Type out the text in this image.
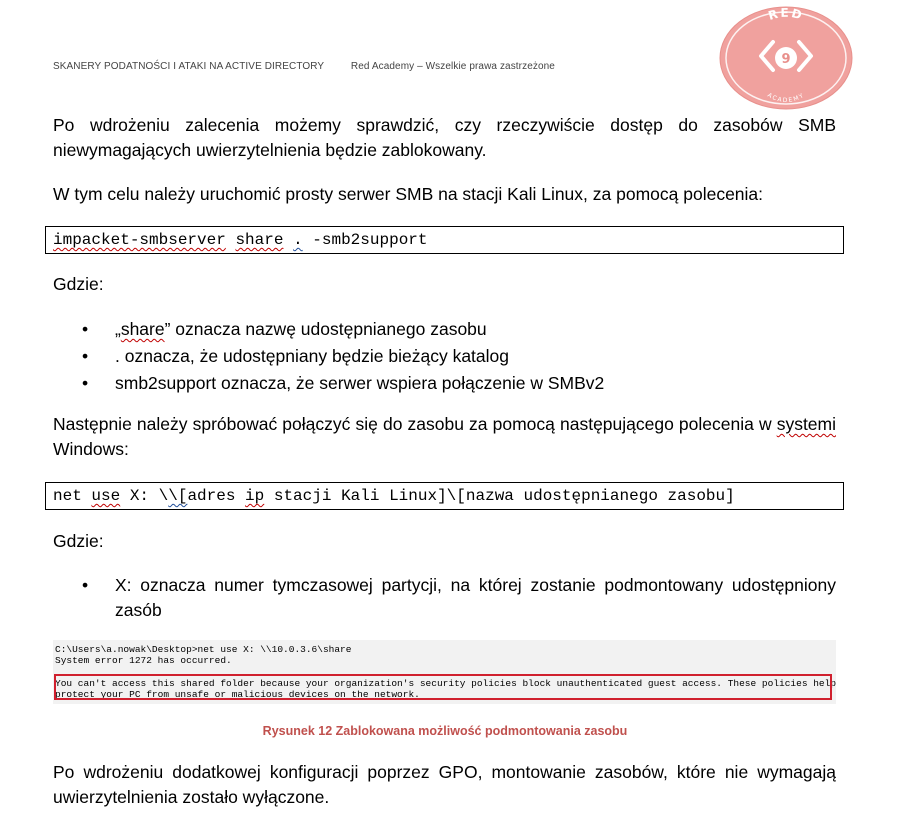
SKANERY PODATNOŚCI I ATAKI NA ACTIVE DIRECTORY	Red Academy – Wszelkie prawa zastrzeżone
RED
ACADEMY
9

Po wdrożeniu zalecenia możemy sprawdzić, czy rzeczywiście dostęp do zasobów SMB niewymagających uwierzytelnienia będzie zablokowany.

W tym celu należy uruchomić prosty serwer SMB na stacji Kali Linux, za pomocą polecenia:

impacket-smbserver share . -smb2support

Gdzie:

• „share” oznacza nazwę udostępnianego zasobu
• . oznacza, że udostępniany będzie bieżący katalog
• smb2support oznacza, że serwer wspiera połączenie w SMBv2

Następnie należy spróbować połączyć się do zasobu za pomocą następującego polecenia w systemi Windows:

net use X: \\[adres ip stacji Kali Linux]\[nazwa udostępnianego zasobu]

Gdzie:

• X: oznacza numer tymczasowej partycji, na której zostanie podmontowany udostępniony zasób
C:\Users\a.nowak\Desktop>net use X: \\10.0.3.6\share
System error 1272 has occurred.
You can't access this shared folder because your organization's security policies block unauthenticated guest access. These policies help
protect your PC from unsafe or malicious devices on the network.
Rysunek 12 Zablokowana możliwość podmontowania zasobu

Po wdrożeniu dodatkowej konfiguracji poprzez GPO, montowanie zasobów, które nie wymagają uwierzytelnienia zostało wyłączone.
